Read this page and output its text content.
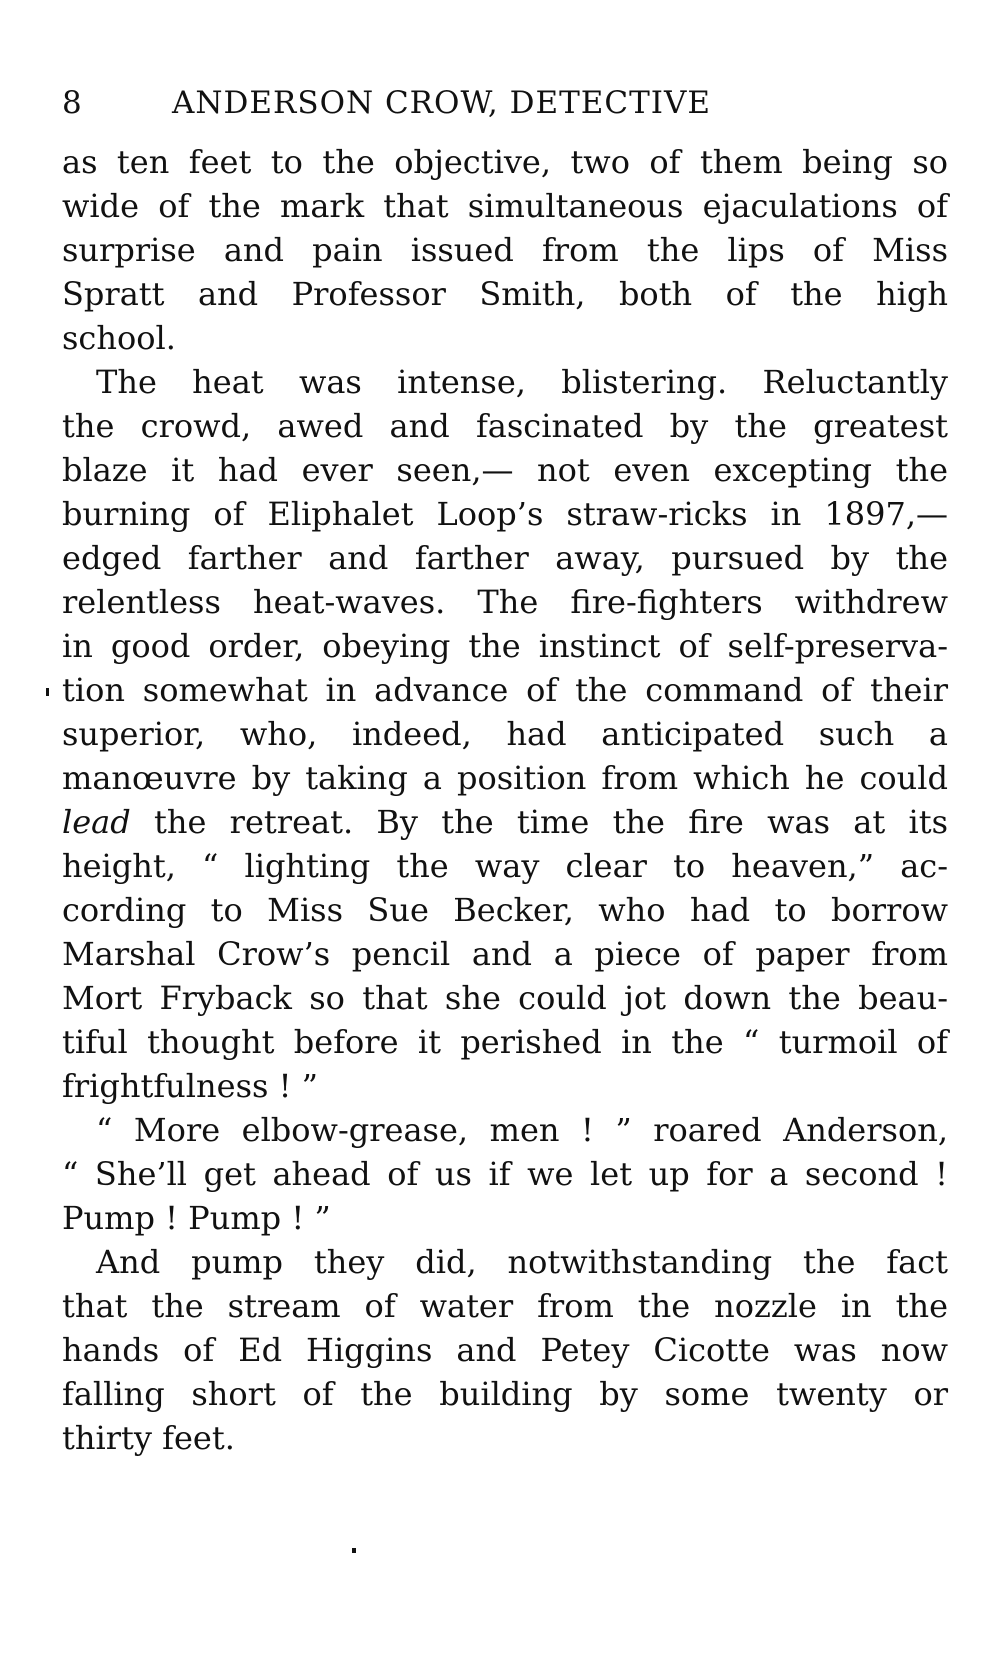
8	ANDERSON CROW, DETECTIVE
as ten feet to the objective, two of them being so
wide of the mark that simultaneous ejaculations of
surprise and pain issued from the lips of Miss
Spratt and Professor Smith, both of the high
school.
The heat was intense, blistering. Reluctantly
the crowd, awed and fascinated by the greatest
blaze it had ever seen,— not even excepting the
burning of Eliphalet Loop’s straw-ricks in 1897,—
edged farther and farther away, pursued by the
relentless heat-waves. The fire-fighters withdrew
in good order, obeying the instinct of self-preserva-
tion somewhat in advance of the command of their
superior, who, indeed, had anticipated such a
manœuvre by taking a position from which he could
lead the retreat. By the time the fire was at its
height, “ lighting the way clear to heaven,” ac-
cording to Miss Sue Becker, who had to borrow
Marshal Crow’s pencil and a piece of paper from
Mort Fryback so that she could jot down the beau-
tiful thought before it perished in the “ turmoil of
frightfulness ! ”
“ More elbow-grease, men ! ” roared Anderson,
“ She’ll get ahead of us if we let up for a second !
Pump ! Pump ! ”
And pump they did, notwithstanding the fact
that the stream of water from the nozzle in the
hands of Ed Higgins and Petey Cicotte was now
falling short of the building by some twenty or
thirty feet.
